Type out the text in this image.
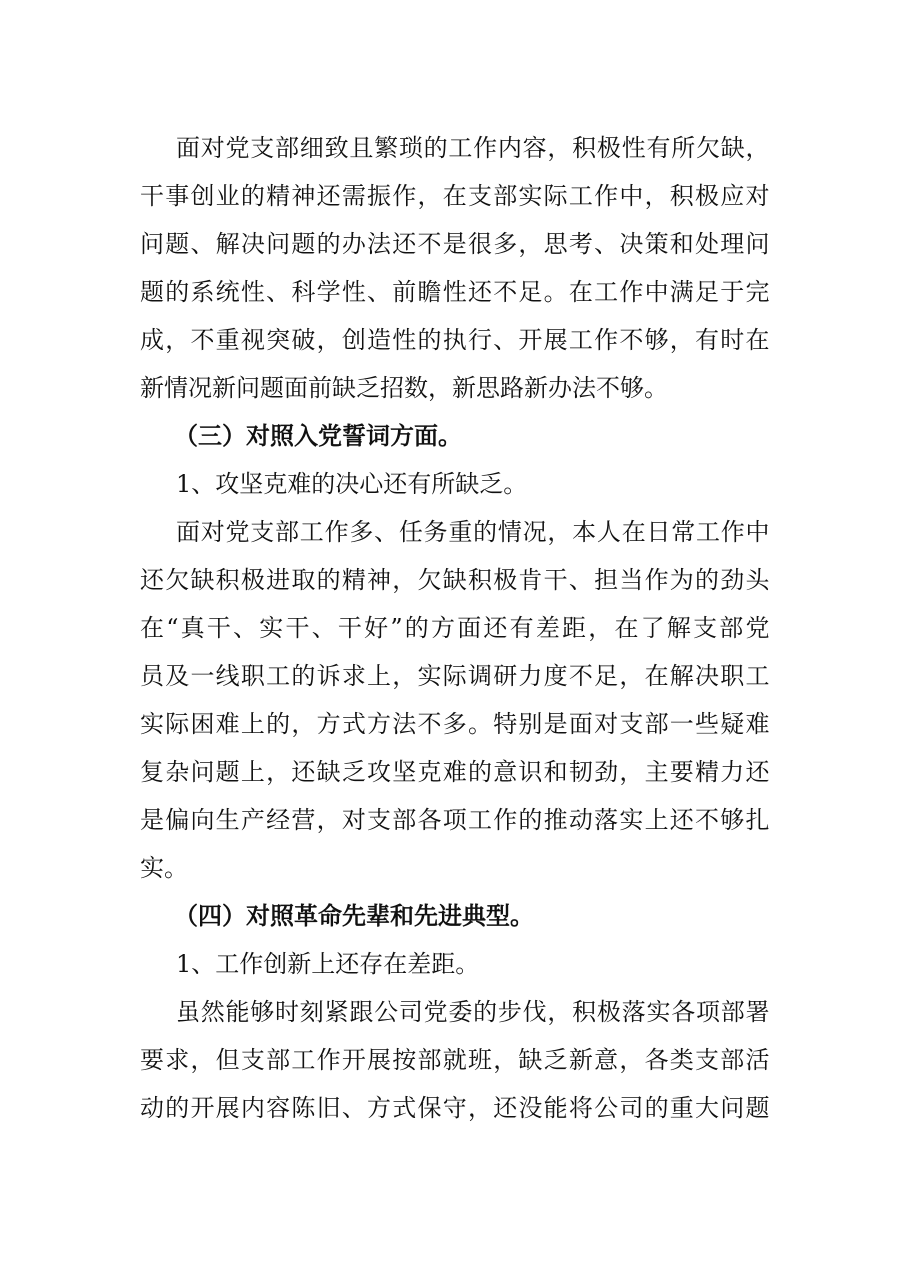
面对党支部细致且繁琐的工作内容，积极性有所欠缺，
干事创业的精神还需振作，在支部实际工作中，积极应对
问题、解决问题的办法还不是很多，思考、决策和处理问
题的系统性、科学性、前瞻性还不足。在工作中满足于完
成，不重视突破，创造性的执行、开展工作不够，有时在
新情况新问题面前缺乏招数，新思路新办法不够。
（三）对照入党誓词方面。
1、攻坚克难的决心还有所缺乏。
面对党支部工作多、任务重的情况，本人在日常工作中
还欠缺积极进取的精神，欠缺积极肯干、担当作为的劲头
在“真干、实干、干好”的方面还有差距，在了解支部党
员及一线职工的诉求上，实际调研力度不足，在解决职工
实际困难上的，方式方法不多。特别是面对支部一些疑难
复杂问题上，还缺乏攻坚克难的意识和韧劲，主要精力还
是偏向生产经营，对支部各项工作的推动落实上还不够扎
实。
（四）对照革命先辈和先进典型。
1、工作创新上还存在差距。
虽然能够时刻紧跟公司党委的步伐，积极落实各项部署
要求，但支部工作开展按部就班，缺乏新意，各类支部活
动的开展内容陈旧、方式保守，还没能将公司的重大问题
